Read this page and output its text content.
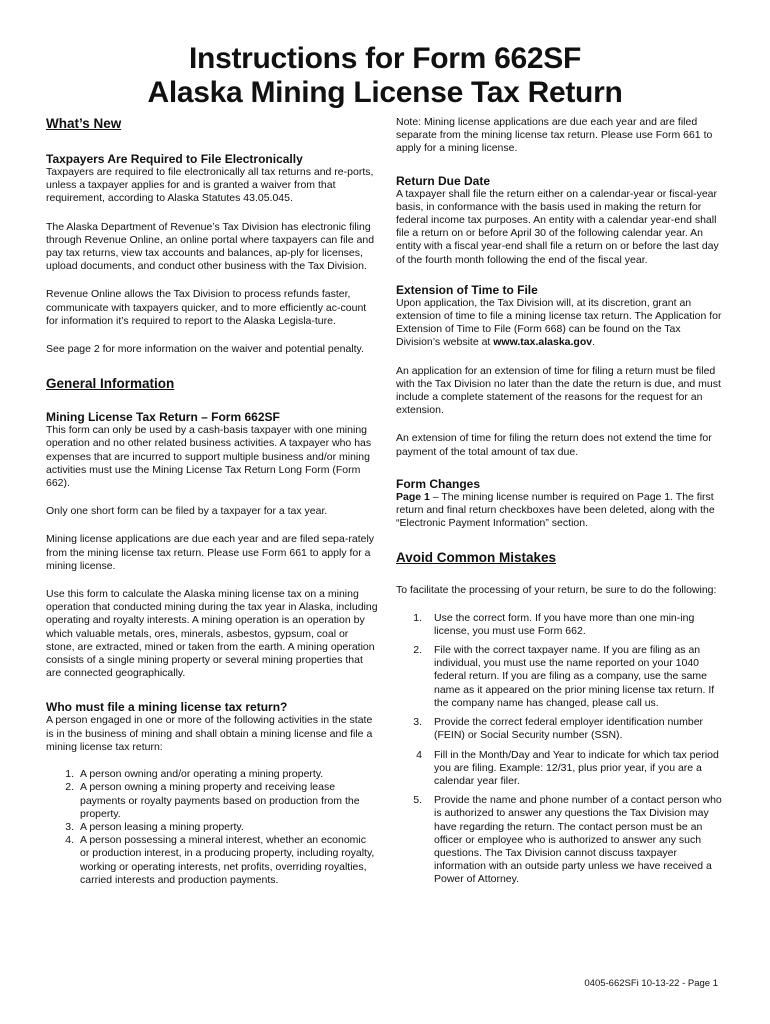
Instructions for Form 662SF
Alaska Mining License Tax Return
What’s New
Taxpayers Are Required to File Electronically

Taxpayers are required to file electronically all tax returns and re-ports, unless a taxpayer applies for and is granted a waiver from that requirement, according to Alaska Statutes 43.05.045.

The Alaska Department of Revenue’s Tax Division has electronic filing through Revenue Online, an online portal where taxpayers can file and pay tax returns, view tax accounts and balances, ap-ply for licenses, upload documents, and conduct other business with the Tax Division.

Revenue Online allows the Tax Division to process refunds faster, communicate with taxpayers quicker, and to more efficiently ac-count for information it’s required to report to the Alaska Legisla-ture.

See page 2 for more information on the waiver and potential penalty.

General Information
Mining License Tax Return – Form 662SF

This form can only be used by a cash-basis taxpayer with one mining operation and no other related business activities. A taxpayer who has expenses that are incurred to support multiple business and/or mining activities must use the Mining License Tax Return Long Form (Form 662).

Only one short form can be filed by a taxpayer for a tax year.

Mining license applications are due each year and are filed sepa-rately from the mining license tax return. Please use Form 661 to apply for a mining license.

Use this form to calculate the Alaska mining license tax on a mining operation that conducted mining during the tax year in Alaska, including operating and royalty interests. A mining operation is an operation by which valuable metals, ores, minerals, asbestos, gypsum, coal or stone, are extracted, mined or taken from the earth. A mining operation consists of a single mining property or several mining properties that are connected geographically.

Who must file a mining license tax return?

A person engaged in one or more of the following activities in the state is in the business of mining and shall obtain a mining license and file a mining license tax return:

1. A person owning and/or operating a mining property.
2. A person owning a mining property and receiving lease payments or royalty payments based on production from the property.
3. A person leasing a mining property.
4. A person possessing a mineral interest, whether an economic or production interest, in a producing property, including royalty, working or operating interests, net profits, overriding royalties, carried interests and production payments.

Note: Mining license applications are due each year and are filed separate from the mining license tax return. Please use Form 661 to apply for a mining license.

Return Due Date

A taxpayer shall file the return either on a calendar-year or fiscal-year basis, in conformance with the basis used in making the return for federal income tax purposes. An entity with a calendar year-end shall file a return on or before April 30 of the following calendar year. An entity with a fiscal year-end shall file a return on or before the last day of the fourth month following the end of the fiscal year.

Extension of Time to File

Upon application, the Tax Division will, at its discretion, grant an extension of time to file a mining license tax return. The Application for Extension of Time to File (Form 668) can be found on the Tax Division’s website at www.tax.alaska.gov.

An application for an extension of time for filing a return must be filed with the Tax Division no later than the date the return is due, and must include a complete statement of the reasons for the request for an extension.

An extension of time for filing the return does not extend the time for payment of the total amount of tax due.

Form Changes

Page 1 – The mining license number is required on Page 1. The first return and final return checkboxes have been deleted, along with the “Electronic Payment Information” section.

Avoid Common Mistakes

To facilitate the processing of your return, be sure to do the following:

1.	Use the correct form. If you have more than one min-ing license, you must use Form 662.
2.	File with the correct taxpayer name. If you are filing as an individual, you must use the name reported on your 1040 federal return. If you are filing as a company, use the same name as it appeared on the prior mining license tax return. If the company name has changed, please call us.
3.	Provide the correct federal employer identification number (FEIN) or Social Security number (SSN).
4	Fill in the Month/Day and Year to indicate for which tax period you are filing. Example: 12/31, plus prior year, if you are a calendar year filer.
5.	Provide the name and phone number of a contact person who is authorized to answer any questions the Tax Division may have regarding the return. The contact person must be an officer or employee who is authorized to answer any such questions. The Tax Division cannot discuss taxpayer information with an outside party unless we have received a Power of Attorney.
0405-662SFi 10-13-22 - Page 1
